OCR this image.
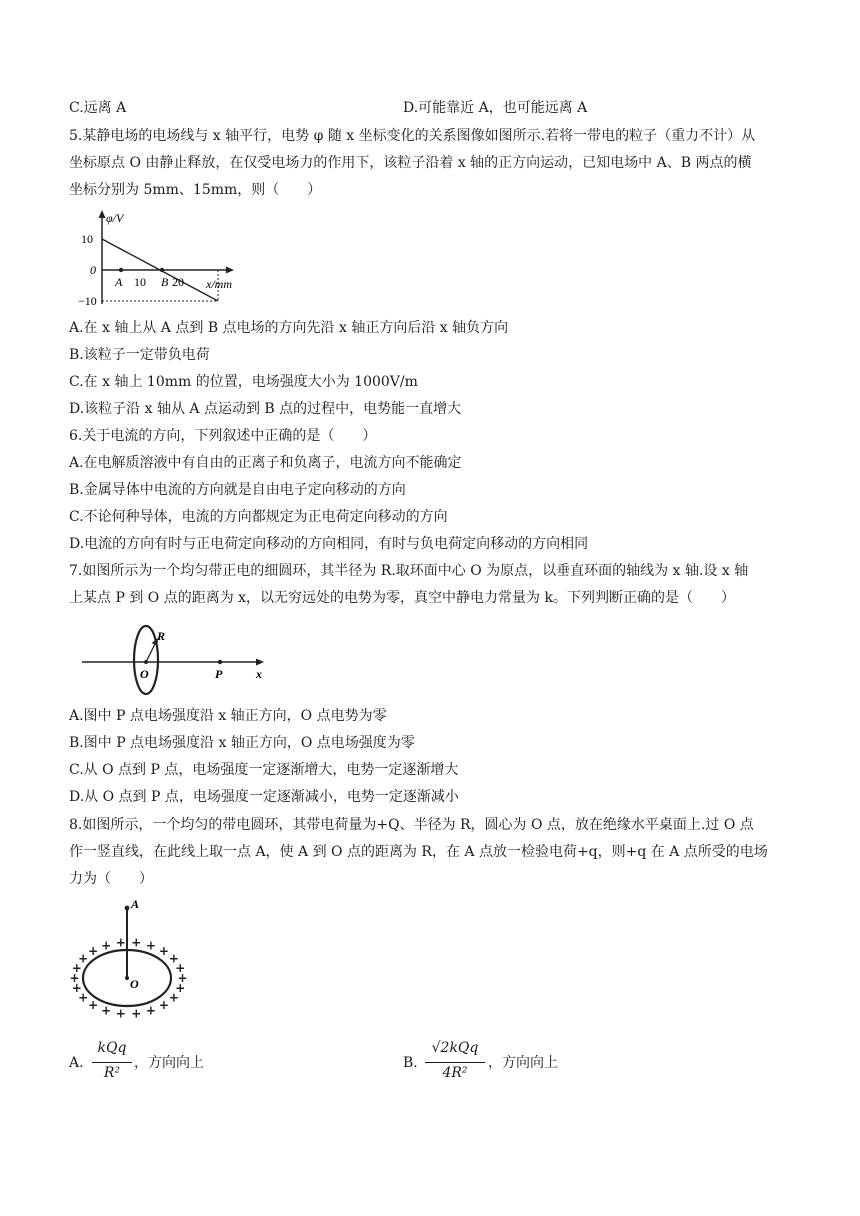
C.远离 A	D.可能靠近 A，也可能远离 A
5.某静电场的电场线与 x 轴平行，电势 φ 随 x 坐标变化的关系图像如图所示.若将一带电的粒子（重力不计）从
坐标原点 O 由静止释放，在仅受电场力的作用下，该粒子沿着 x 轴的正方向运动，已知电场中 A、B 两点的横
坐标分别为 5mm、15mm，则（　　）
φ/V
10
0
−10
A 10 B 20 x/mm
A.在 x 轴上从 A 点到 B 点电场的方向先沿 x 轴正方向后沿 x 轴负方向
B.该粒子一定带负电荷
C.在 x 轴上 10mm 的位置，电场强度大小为 1000V/m
D.该粒子沿 x 轴从 A 点运动到 B 点的过程中，电势能一直增大
6.关于电流的方向，下列叙述中正确的是（　　）
A.在电解质溶液中有自由的正离子和负离子，电流方向不能确定
B.金属导体中电流的方向就是自由电子定向移动的方向
C.不论何种导体，电流的方向都规定为正电荷定向移动的方向
D.电流的方向有时与正电荷定向移动的方向相同，有时与负电荷定向移动的方向相同
7.如图所示为一个均匀带正电的细圆环，其半径为 R.取环面中心 O 为原点，以垂直环面的轴线为 x 轴.设 x 轴
上某点 P 到 O 点的距离为 x，以无穷远处的电势为零，真空中静电力常量为 k。下列判断正确的是（　　）
R
O	P	x
A.图中 P 点电场强度沿 x 轴正方向，O 点电势为零
B.图中 P 点电场强度沿 x 轴正方向，O 点电场强度为零
C.从 O 点到 P 点，电场强度一定逐渐增大，电势一定逐渐增大
D.从 O 点到 P 点，电场强度一定逐渐减小，电势一定逐渐减小
8.如图所示，一个均匀的带电圆环，其带电荷量为+Q、半径为 R，圆心为 O 点，放在绝缘水平桌面上.过 O 点
作一竖直线，在此线上取一点 A，使 A 到 O 点的距离为 R，在 A 点放一检验电荷+q，则+q 在 A 点所受的电场
力为（　　）
+
+
+
+
+
+
+
+
+
+
+
+
+
+
+ + + + + +
+
+
A
O
A.
kQq
R²
，方向向上	B.
√2kQq
4R²
，方向向上
